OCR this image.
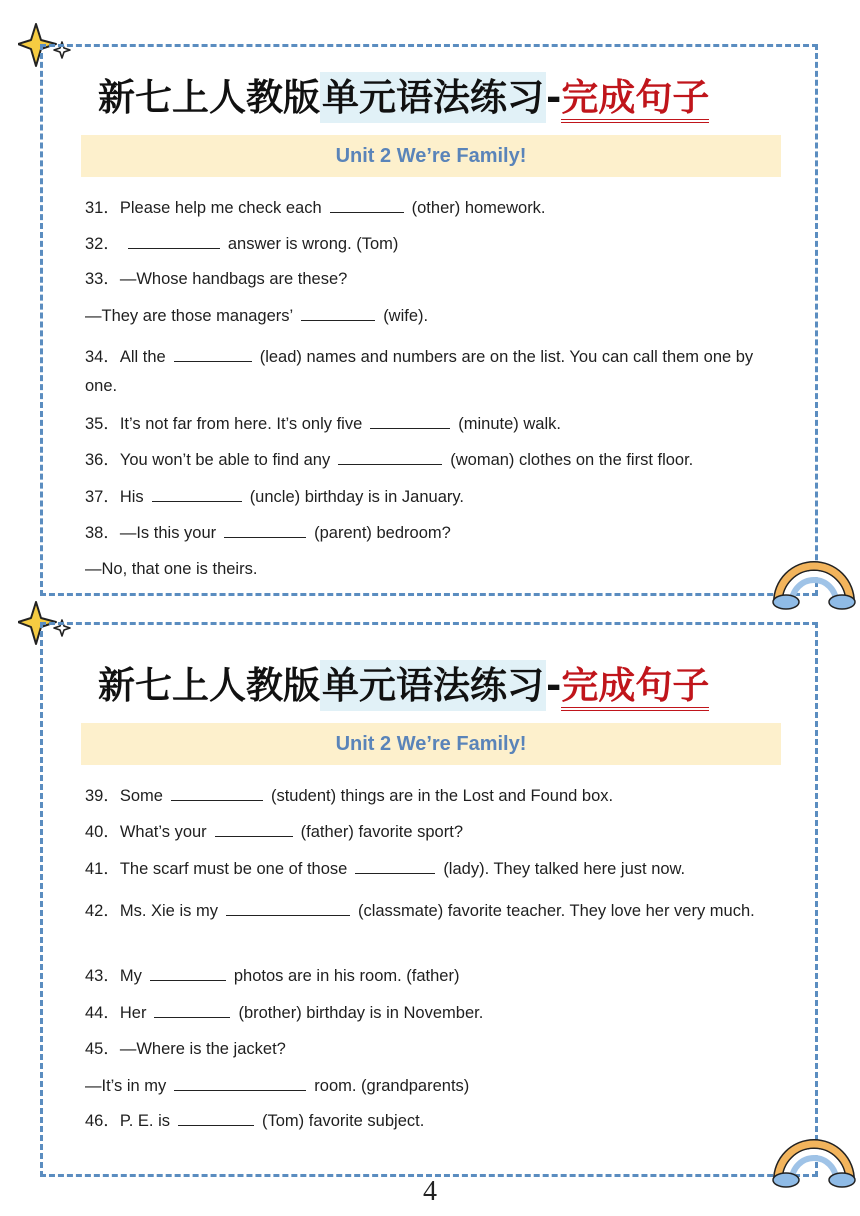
新七上人教版单元语法练习-完成句子
Unit 2 We’re Family!
31．Please help me check each	(other) homework.
32．	answer is wrong. (Tom)
33．—Whose handbags are these?
—They are those managers’	(wife).
34．All the	(lead) names and numbers are on the list. You can call them one by one.
35．It’s not far from here. It’s only five	(minute) walk.
36．You won’t be able to find any	(woman) clothes on the first floor.
37．His	(uncle) birthday is in January.
38．—Is this your	(parent) bedroom?
—No, that one is theirs.
新七上人教版单元语法练习-完成句子
Unit 2 We’re Family!
39．Some	(student) things are in the Lost and Found box.
40．What’s your	(father) favorite sport?
41．The scarf must be one of those	(lady). They talked here just now.
42．Ms. Xie is my	(classmate) favorite teacher. They love her very much.
43．My	photos are in his room. (father)
44．Her	(brother) birthday is in November.
45．—Where is the jacket?
—It’s in my	room. (grandparents)
46．P. E. is	(Tom) favorite subject.
4
